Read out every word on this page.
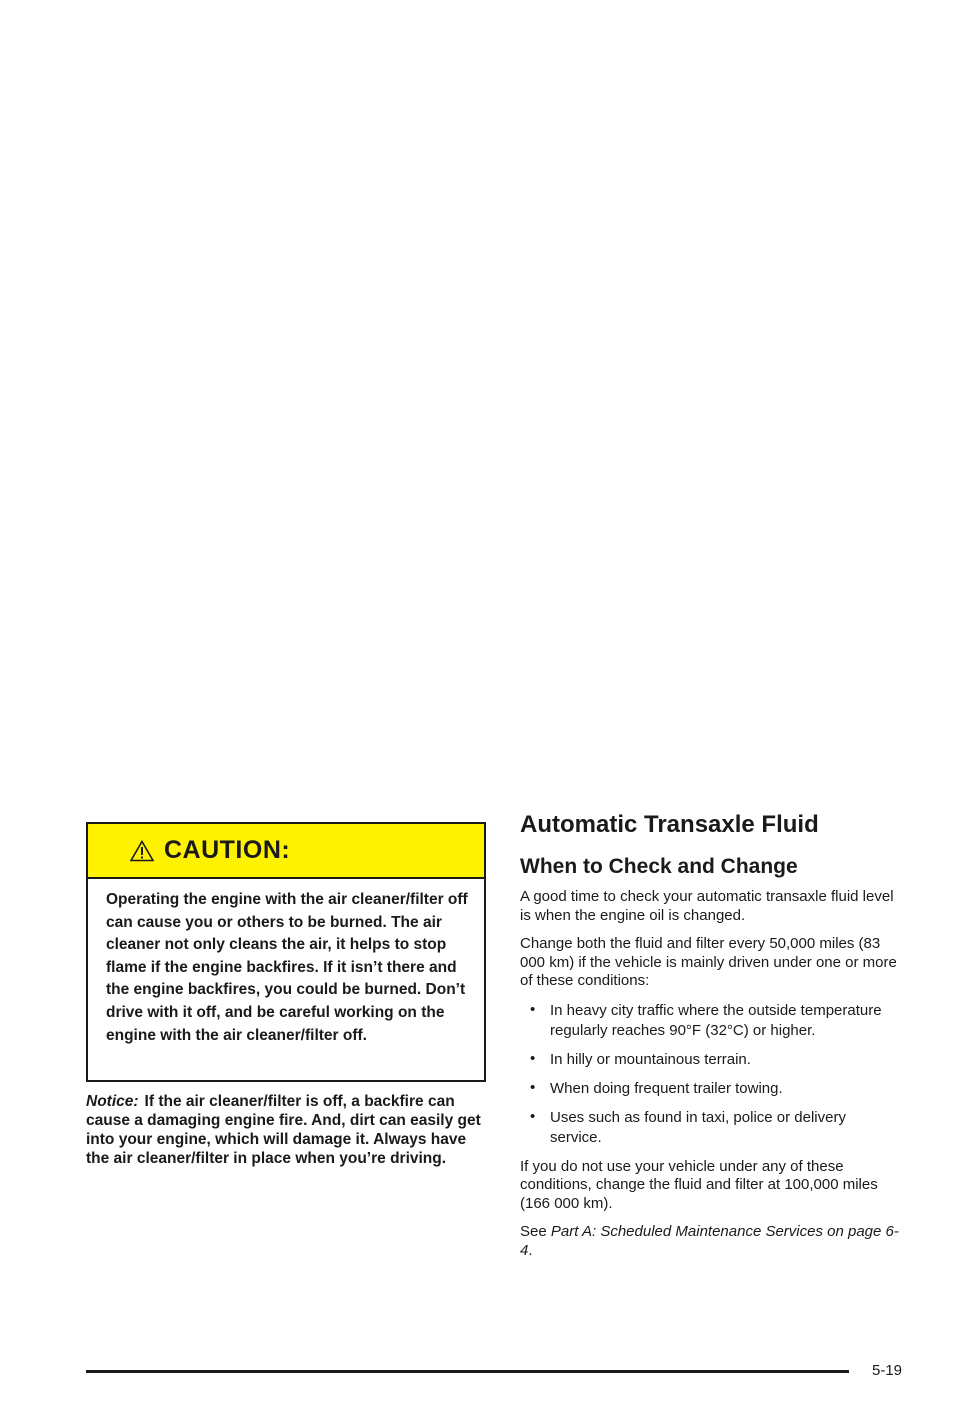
CAUTION:

Operating the engine with the air cleaner/filter off can cause you or others to be burned. The air cleaner not only cleans the air, it helps to stop flame if the engine backfires. If it isn’t there and the engine backfires, you could be burned. Don’t drive with it off, and be careful working on the engine with the air cleaner/filter off.

Notice: If the air cleaner/filter is off, a backfire can cause a damaging engine fire. And, dirt can easily get into your engine, which will damage it. Always have the air cleaner/filter in place when you’re driving.

Automatic Transaxle Fluid
When to Check and Change

A good time to check your automatic transaxle fluid level is when the engine oil is changed.

Change both the fluid and filter every 50,000 miles (83 000 km) if the vehicle is mainly driven under one or more of these conditions:

• In heavy city traffic where the outside temperature regularly reaches 90°F (32°C) or higher.
• In hilly or mountainous terrain.
• When doing frequent trailer towing.
• Uses such as found in taxi, police or delivery service.

If you do not use your vehicle under any of these conditions, change the fluid and filter at 100,000 miles (166 000 km).

See Part A: Scheduled Maintenance Services on page 6-4.

5-19
